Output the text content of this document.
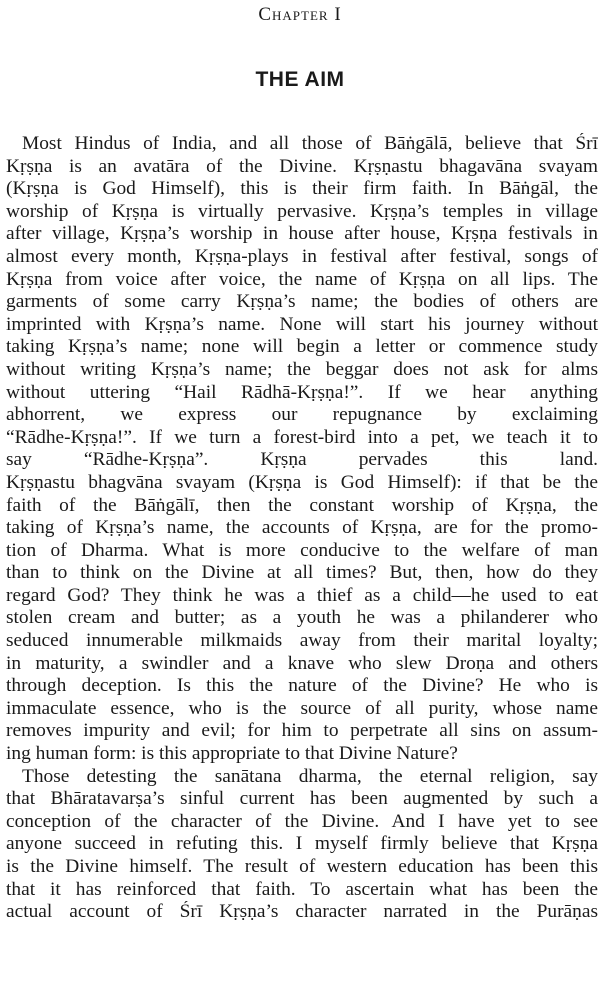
Chapter I
THE AIM
Most Hindus of India, and all those of Bāṅgālā, believe that Śrī
Kṛṣṇa is an avatāra of the Divine. Kṛṣṇastu bhagavāna svayam
(Kṛṣṇa is God Himself), this is their firm faith. In Bāṅgāl, the
worship of Kṛṣṇa is virtually pervasive. Kṛṣṇa’s temples in village
after village, Kṛṣṇa’s worship in house after house, Kṛṣṇa festivals in
almost every month, Kṛṣṇa-plays in festival after festival, songs of
Kṛṣṇa from voice after voice, the name of Kṛṣṇa on all lips. The
garments of some carry Kṛṣṇa’s name; the bodies of others are
imprinted with Kṛṣṇa’s name. None will start his journey without
taking Kṛṣṇa’s name; none will begin a letter or commence study
without writing Kṛṣṇa’s name; the beggar does not ask for alms
without uttering “Hail Rādhā-Kṛṣṇa!”. If we hear anything
abhorrent, we express our repugnance by exclaiming
“Rādhe-Kṛṣṇa!”. If we turn a forest-bird into a pet, we teach it to
say “Rādhe-Kṛṣṇa”. Kṛṣṇa pervades this land.
Kṛṣṇastu bhagvāna svayam (Kṛṣṇa is God Himself): if that be the
faith of the Bāṅgālī, then the constant worship of Kṛṣṇa, the
taking of Kṛṣṇa’s name, the accounts of Kṛṣṇa, are for the promo-
tion of Dharma. What is more conducive to the welfare of man
than to think on the Divine at all times? But, then, how do they
regard God? They think he was a thief as a child—he used to eat
stolen cream and butter; as a youth he was a philanderer who
seduced innumerable milkmaids away from their marital loyalty;
in maturity, a swindler and a knave who slew Droṇa and others
through deception. Is this the nature of the Divine? He who is
immaculate essence, who is the source of all purity, whose name
removes impurity and evil; for him to perpetrate all sins on assum-
ing human form: is this appropriate to that Divine Nature?
Those detesting the sanātana dharma, the eternal religion, say
that Bhāratavarṣa’s sinful current has been augmented by such a
conception of the character of the Divine. And I have yet to see
anyone succeed in refuting this. I myself firmly believe that Kṛṣṇa
is the Divine himself. The result of western education has been this
that it has reinforced that faith. To ascertain what has been the
actual account of Śrī Kṛṣṇa’s character narrated in the Purāṇas
